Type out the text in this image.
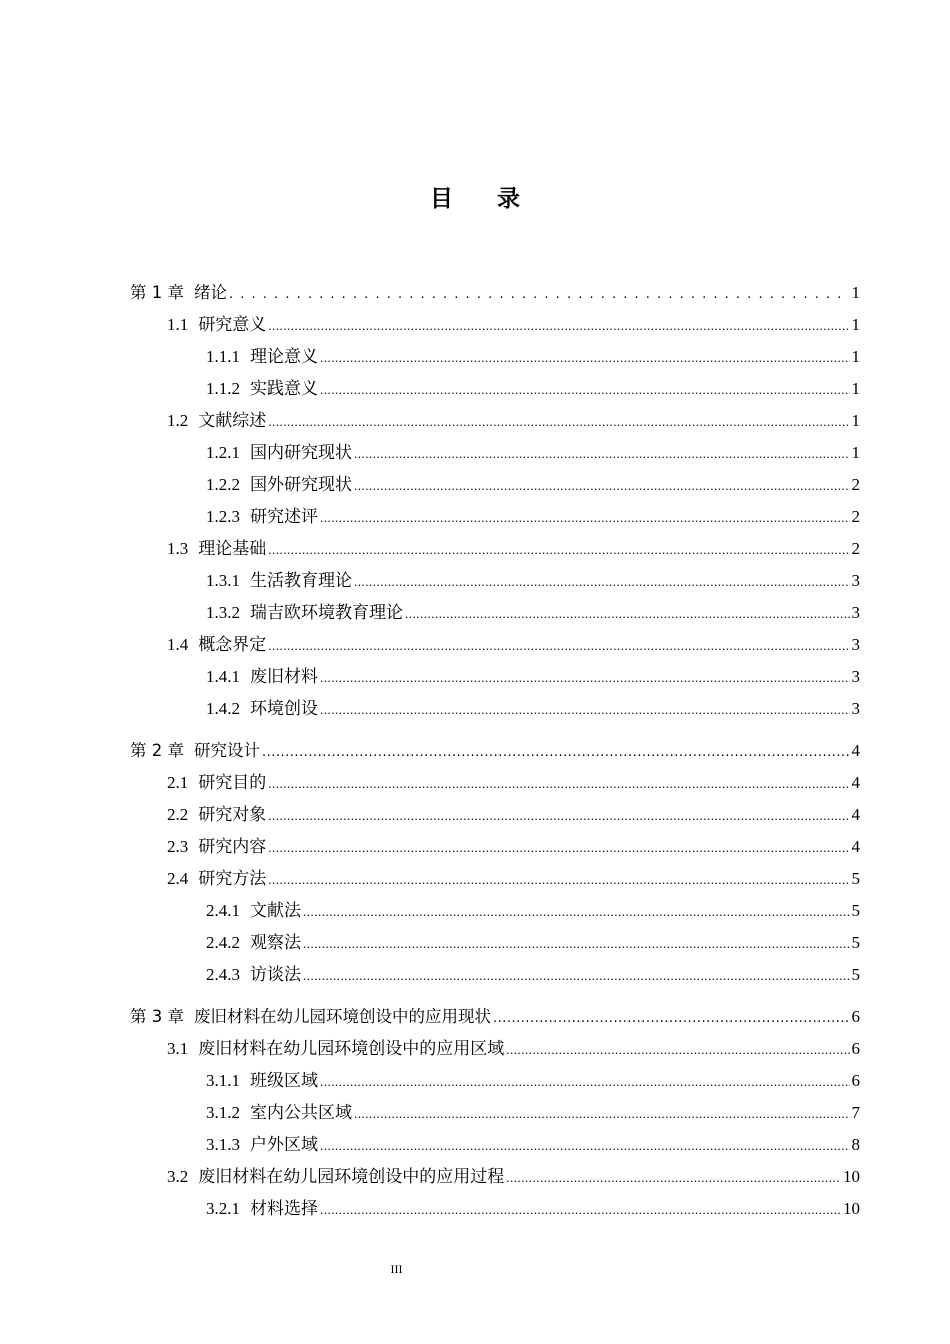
目 录
第 1 章 绪论 . . .	1
1.1 研究意义 .....	1
1.1.1 理论意义 .....	1
1.1.2 实践意义 .....	1
1.2 文献综述 .....	1
1.2.1 国内研究现状 .....	1
1.2.2 国外研究现状 .....	2
1.2.3 研究述评 .....	2
1.3 理论基础 .....	2
1.3.1 生活教育理论 .....	3
1.3.2 瑞吉欧环境教育理论 .....	3
1.4 概念界定 .....	3
1.4.1 废旧材料 .....	3
1.4.2 环境创设 .....	3
第 2 章 研究设计 .....	4
2.1 研究目的 .....	4
2.2 研究对象 .....	4
2.3 研究内容 .....	4
2.4 研究方法 .....	5
2.4.1 文献法 .....	5
2.4.2 观察法 .....	5
2.4.3 访谈法 .....	5
第 3 章 废旧材料在幼儿园环境创设中的应用现状 .....	6
3.1 废旧材料在幼儿园环境创设中的应用区域 .....	6
3.1.1 班级区域 .....	6
3.1.2 室内公共区域 .....	7
3.1.3 户外区域 .....	8
3.2 废旧材料在幼儿园环境创设中的应用过程 .....	10
3.2.1 材料选择 .....	10
III
